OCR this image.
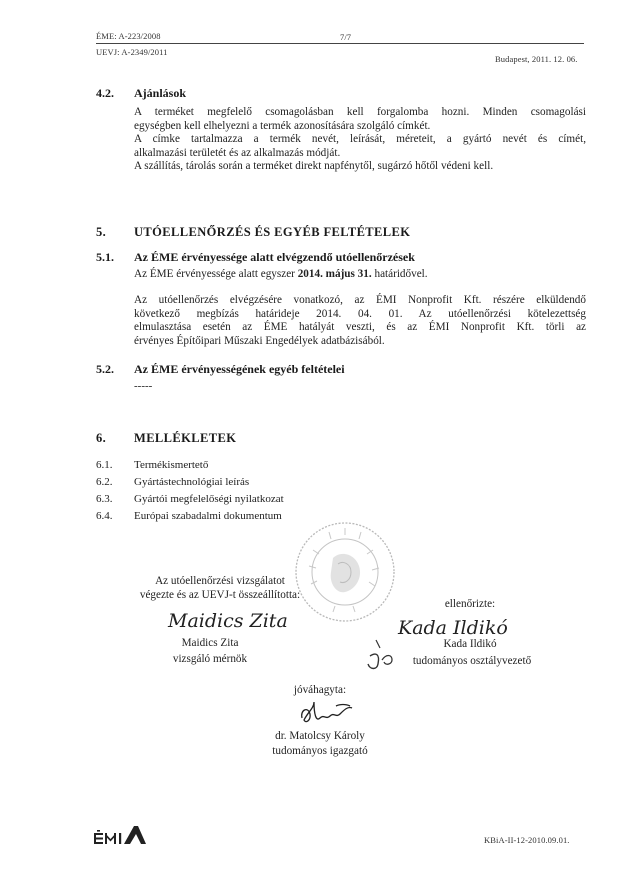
ÉME: A-223/2008	7/7
UEVJ: A-2349/2011
Budapest, 2011. 12. 06.
4.2. Ajánlások

A terméket megfelelő csomagolásban kell forgalomba hozni. Minden csomagolási

egységben kell elhelyezni a termék azonosítására szolgáló címkét.

A címke tartalmazza a termék nevét, leírását, méreteit, a gyártó nevét és címét,

alkalmazási területét és az alkalmazás módját.

A szállítás, tárolás során a terméket direkt napfénytől, sugárzó hőtől védeni kell.

5. UTÓELLENŐRZÉS ÉS EGYÉB FELTÉTELEK
5.1. Az ÉME érvényessége alatt elvégzendő utóellenőrzések

Az ÉME érvényessége alatt egyszer 2014. május 31. határidővel.

Az utóellenőrzés elvégzésére vonatkozó, az ÉMI Nonprofit Kft. részére elküldendő

következő megbízás határideje 2014. 04. 01. Az utóellenőrzési kötelezettség

elmulasztása esetén az ÉME hatályát veszti, és az ÉMI Nonprofit Kft. törli az

érvényes Építőipari Műszaki Engedélyek adatbázisából.

5.2. Az ÉME érvényességének egyéb feltételei
-----
6. MELLÉKLETEK
6.1. Termékismertető
6.2. Gyártástechnológiai leírás
6.3. Gyártói megfelelőségi nyilatkozat
6.4. Európai szabadalmi dokumentum
Az utóellenőrzési vizsgálatot
végezte és az UEVJ-t összeállította:
Maidics Zita
Maidics Zita
vizsgáló mérnök
ellenőrizte:
Kada Ildikó
Kada Ildikó
tudományos osztályvezető
jóváhagyta:
dr. Matolcsy Károly
tudományos igazgató
KBiA-II-12-2010.09.01.
